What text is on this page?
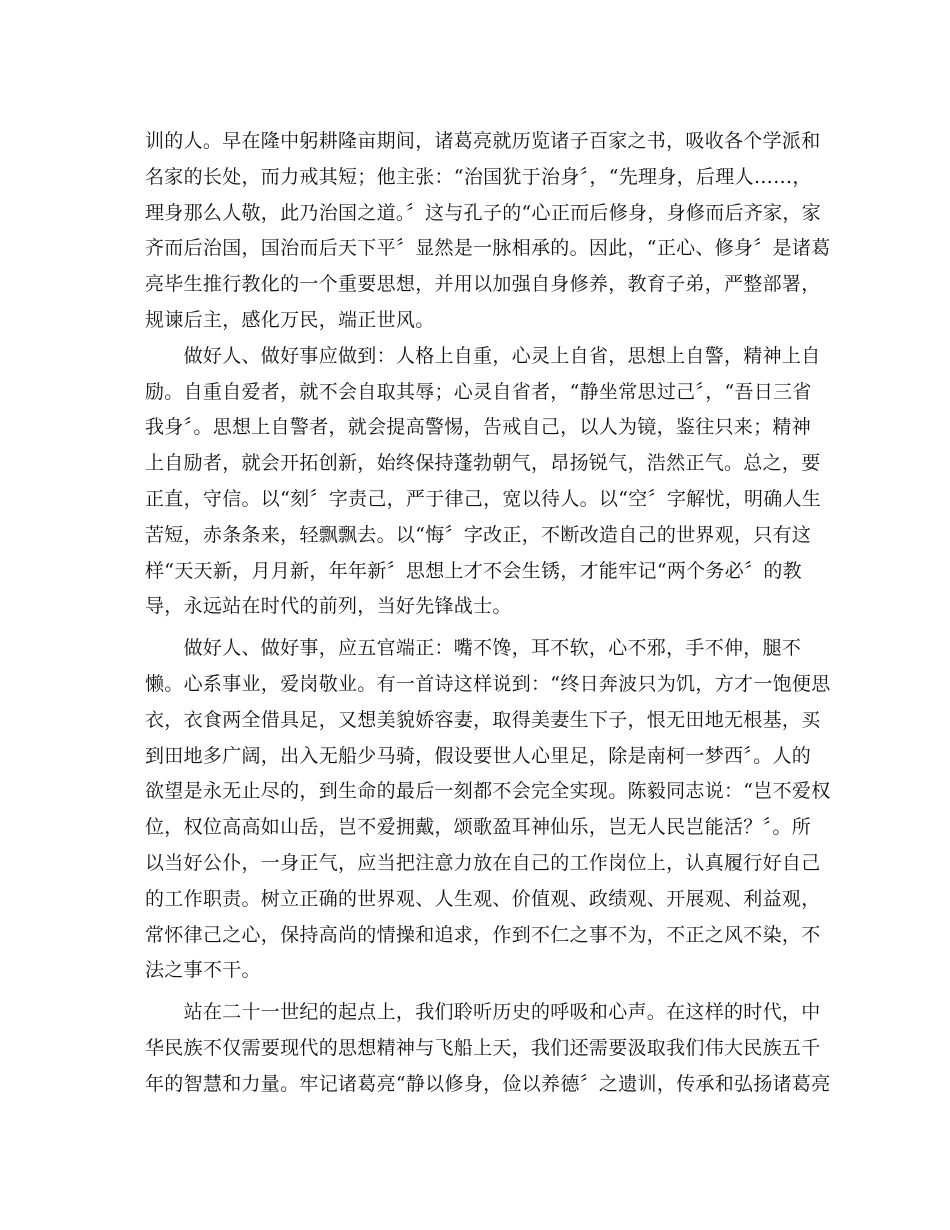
训的人。早在隆中躬耕隆亩期间，诸葛亮就历览诸子百家之书，吸收各个学派和
名家的长处，而力戒其短；他主张：“治国犹于治身〞，“先理身，后理人……，
理身那么人敬，此乃治国之道。〞这与孔子的“心正而后修身，身修而后齐家，家
齐而后治国，国治而后天下平〞显然是一脉相承的。因此，“正心、修身〞是诸葛
亮毕生推行教化的一个重要思想，并用以加强自身修养，教育子弟，严整部署，
规谏后主，感化万民，端正世风。
　　做好人、做好事应做到：人格上自重，心灵上自省，思想上自警，精神上自
励。自重自爱者，就不会自取其辱；心灵自省者，“静坐常思过己〞，“吾日三省
我身〞。思想上自警者，就会提高警惕，告戒自己，以人为镜，鉴往只来；精神
上自励者，就会开拓创新，始终保持蓬勃朝气，昂扬锐气，浩然正气。总之，要
正直，守信。以“刻〞字责己，严于律己，宽以待人。以“空〞字解忧，明确人生
苦短，赤条条来，轻飘飘去。以“悔〞字改正，不断改造自己的世界观，只有这
样“天天新，月月新，年年新〞思想上才不会生锈，才能牢记“两个务必〞的教
导，永远站在时代的前列，当好先锋战士。
　　做好人、做好事，应五官端正：嘴不馋，耳不软，心不邪，手不伸，腿不
懒。心系事业，爱岗敬业。有一首诗这样说到：“终日奔波只为饥，方才一饱便思
衣，衣食两全借具足，又想美貌娇容妻，取得美妻生下子，恨无田地无根基，买
到田地多广阔，出入无船少马骑，假设要世人心里足，除是南柯一梦西〞。人的
欲望是永无止尽的，到生命的最后一刻都不会完全实现。陈毅同志说：“岂不爱权
位，权位高高如山岳，岂不爱拥戴，颂歌盈耳神仙乐，岂无人民岂能活？〞。所
以当好公仆，一身正气，应当把注意力放在自己的工作岗位上，认真履行好自己
的工作职责。树立正确的世界观、人生观、价值观、政绩观、开展观、利益观，
常怀律己之心，保持高尚的情操和追求，作到不仁之事不为，不正之风不染，不
法之事不干。
　　站在二十一世纪的起点上，我们聆听历史的呼吸和心声。在这样的时代，中
华民族不仅需要现代的思想精神与飞船上天，我们还需要汲取我们伟大民族五千
年的智慧和力量。牢记诸葛亮“静以修身，俭以养德〞之遗训，传承和弘扬诸葛亮
